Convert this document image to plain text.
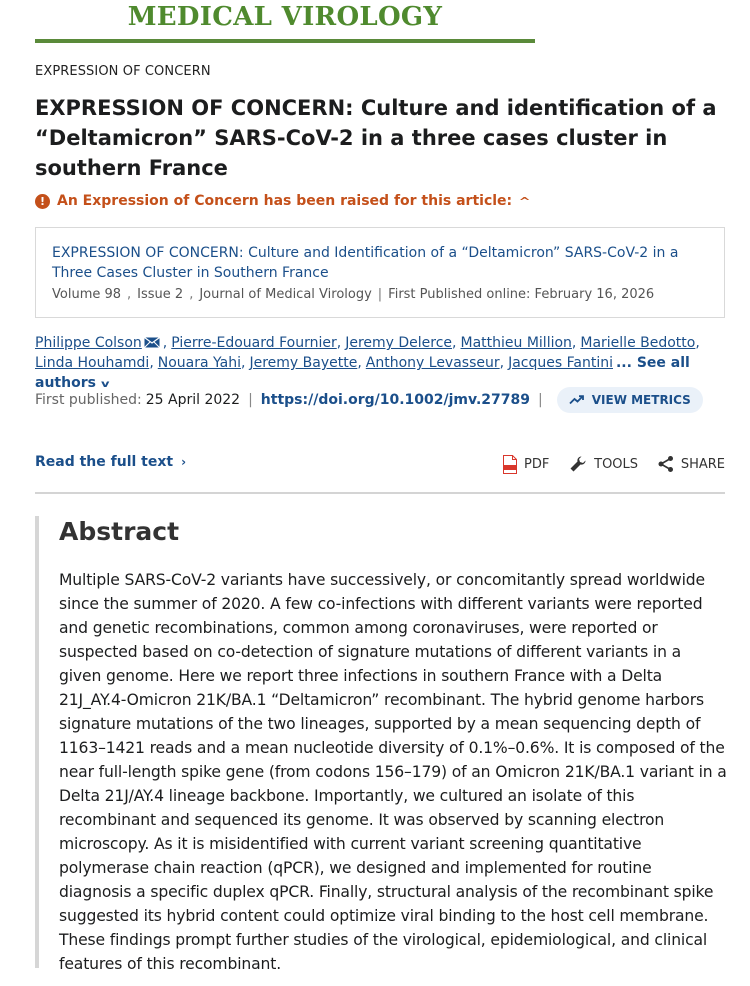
MEDICAL VIROLOGY
EXPRESSION OF CONCERN
EXPRESSION OF CONCERN: Culture and identification of a “Deltamicron” SARS-CoV-2 in a three cases cluster in southern France
! An Expression of Concern has been raised for this article: ^
EXPRESSION OF CONCERN: Culture and Identification of a “Deltamicron” SARS-CoV-2 in a Three Cases Cluster in Southern France
Volume 98 , Issue 2 , Journal of Medical Virology | First Published online: February 16, 2026
Philippe Colson , Pierre-Edouard Fournier, Jeremy Delerce, Matthieu Million, Marielle Bedotto,
Linda Houhamdi, Nouara Yahi, Jeremy Bayette, Anthony Levasseur, Jacques Fantini ... See all authors v
First published: 25 April 2022 | https://doi.org/10.1002/jmv.27789 |	VIEW METRICS
Read the full text ›	PDF	TOOLS	SHARE
Abstract

Multiple SARS-CoV-2 variants have successively, or concomitantly spread worldwide since the summer of 2020. A few co-infections with different variants were reported and genetic recombinations, common among coronaviruses, were reported or suspected based on co-detection of signature mutations of different variants in a given genome. Here we report three infections in southern France with a Delta 21J_AY.4-Omicron 21K/BA.1 “Deltamicron” recombinant. The hybrid genome harbors signature mutations of the two lineages, supported by a mean sequencing depth of 1163–1421 reads and a mean nucleotide diversity of 0.1%–0.6%. It is composed of the near full-length spike gene (from codons 156–179) of an Omicron 21K/BA.1 variant in a Delta 21J/AY.4 lineage backbone. Importantly, we cultured an isolate of this recombinant and sequenced its genome. It was observed by scanning electron microscopy. As it is misidentified with current variant screening quantitative polymerase chain reaction (qPCR), we designed and implemented for routine diagnosis a specific duplex qPCR. Finally, structural analysis of the recombinant spike suggested its hybrid content could optimize viral binding to the host cell membrane. These findings prompt further studies of the virological, epidemiological, and clinical features of this recombinant.
